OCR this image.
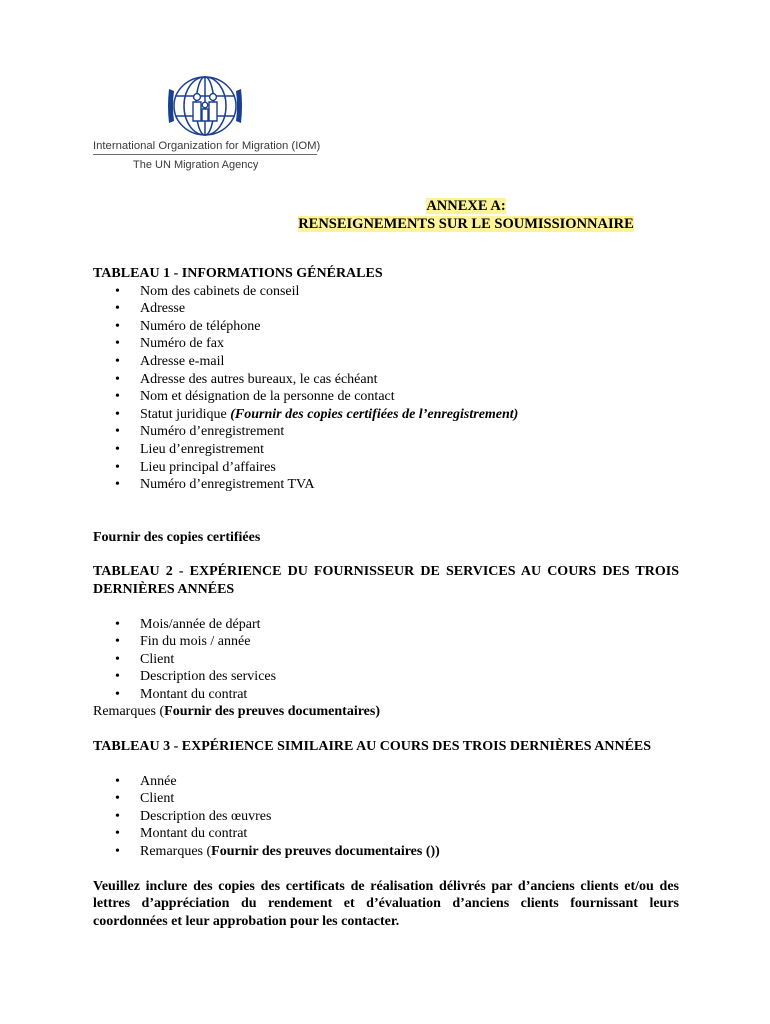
International Organization for Migration (IOM)
The UN Migration Agency
ANNEXE A:
RENSEIGNEMENTS SUR LE SOUMISSIONNAIRE

TABLEAU 1 - INFORMATIONS GÉNÉRALES

• Nom des cabinets de conseil
• Adresse
• Numéro de téléphone
• Numéro de fax
• Adresse e-mail
• Adresse des autres bureaux, le cas échéant
• Nom et désignation de la personne de contact
• Statut juridique (Fournir des copies certifiées de l’enregistrement)
• Numéro d’enregistrement
• Lieu d’enregistrement
• Lieu principal d’affaires
• Numéro d’enregistrement TVA

Fournir des copies certifiées

TABLEAU 2 - EXPÉRIENCE DU FOURNISSEUR DE SERVICES AU COURS DES TROIS DERNIÈRES ANNÉES

• Mois/année de départ
• Fin du mois / année
• Client
• Description des services
• Montant du contrat
Remarques (Fournir des preuves documentaires)

TABLEAU 3 - EXPÉRIENCE SIMILAIRE AU COURS DES TROIS DERNIÈRES ANNÉES

• Année
• Client
• Description des œuvres
• Montant du contrat
• Remarques (Fournir des preuves documentaires ())

Veuillez inclure des copies des certificats de réalisation délivrés par d’anciens clients et/ou des lettres d’appréciation du rendement et d’évaluation d’anciens clients fournissant leurs coordonnées et leur approbation pour les contacter.
